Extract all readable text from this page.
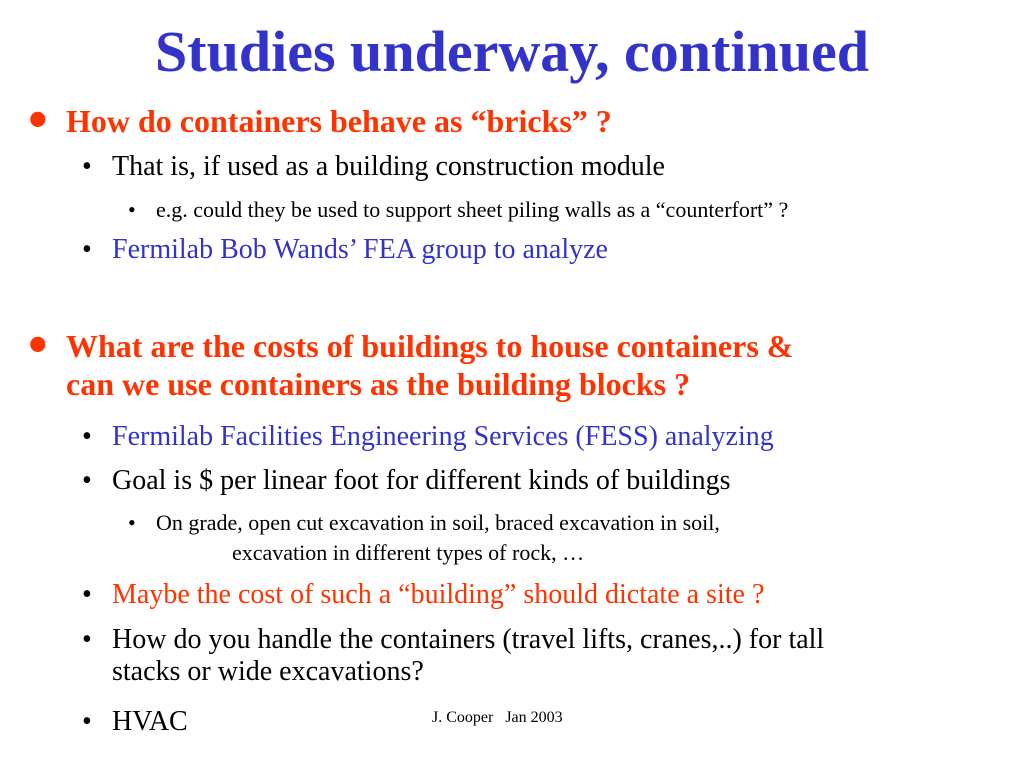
Studies underway, continued
• How do containers behave as “bricks” ?
• That is, if used as a building construction module
• e.g. could they be used to support sheet piling walls as a “counterfort” ?
• Fermilab Bob Wands’ FEA group to analyze
• What are the costs of buildings to house containers &
can we use containers as the building blocks ?
• Fermilab Facilities Engineering Services (FESS) analyzing
• Goal is $ per linear foot for different kinds of buildings
• On grade, open cut excavation in soil, braced excavation in soil,
excavation in different types of rock, …
• Maybe the cost of such a “building” should dictate a site ?
• How do you handle the containers (travel lifts, cranes,..) for tall
stacks or wide excavations?
• HVAC	J. Cooper   Jan 2003
